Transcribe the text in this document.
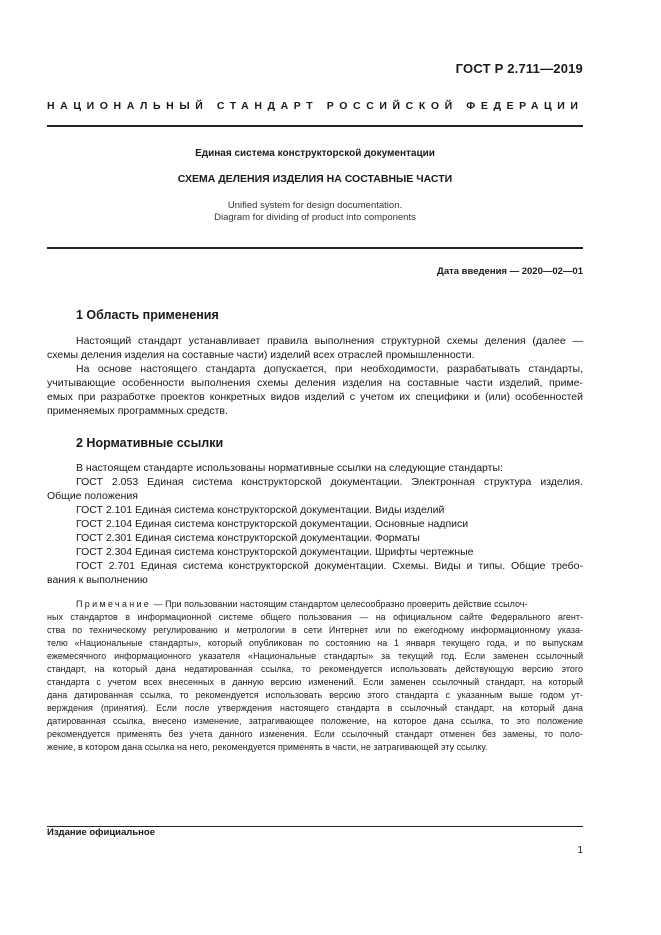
ГОСТ Р 2.711—2019
НАЦИОНАЛЬНЫЙ СТАНДАРТ РОССИЙСКОЙ ФЕДЕРАЦИИ
Единая система конструкторской документации
СХЕМА ДЕЛЕНИЯ ИЗДЕЛИЯ НА СОСТАВНЫЕ ЧАСТИ
Unified system for design documentation.
Diagram for dividing of product into components
Дата введения — 2020—02—01
1 Область применения
Настоящий стандарт устанавливает правила выполнения структурной схемы деления (далее —
схемы деления изделия на составные части) изделий всех отраслей промышленности.
На основе настоящего стандарта допускается, при необходимости, разрабатывать стандарты,
учитывающие особенности выполнения схемы деления изделия на составные части изделий, приме-
емых при разработке проектов конкретных видов изделий с учетом их специфики и (или) особенностей
применяемых программных средств.
2 Нормативные ссылки
В настоящем стандарте использованы нормативные ссылки на следующие стандарты:
ГОСТ 2.053 Единая система конструкторской документации. Электронная структура изделия.
Общие положения
ГОСТ 2.101 Единая система конструкторской документации. Виды изделий
ГОСТ 2.104 Единая система конструкторской документации. Основные надписи
ГОСТ 2.301 Единая система конструкторской документации. Форматы
ГОСТ 2.304 Единая система конструкторской документации. Шрифты чертежные
ГОСТ 2.701 Единая система конструкторской документации. Схемы. Виды и типы. Общие требо-
вания к выполнению
Примечание — При пользовании настоящим стандартом целесообразно проверить действие ссылоч-
ных стандартов в информационной системе общего пользования — на официальном сайте Федерального агент-
ства по техническому регулированию и метрологии в сети Интернет или по ежегодному информационному указа-
телю «Национальные стандарты», который опубликован по состоянию на 1 января текущего года, и по выпускам
ежемесячного информационного указателя «Национальные стандарты» за текущий год. Если заменен ссылочный
стандарт, на который дана недатированная ссылка, то рекомендуется использовать действующую версию этого
стандарта с учетом всех внесенных в данную версию изменений. Если заменен ссылочный стандарт, на который
дана датированная ссылка, то рекомендуется использовать версию этого стандарта с указанным выше годом ут-
верждения (принятия). Если после утверждения настоящего стандарта в ссылочный стандарт, на который дана
датированная ссылка, внесено изменение, затрагивающее положение, на которое дана ссылка, то это положение
рекомендуется применять без учета данного изменения. Если ссылочный стандарт отменен без замены, то поло-
жение, в котором дана ссылка на него, рекомендуется применять в части, не затрагивающей эту ссылку.
Издание официальное
1
